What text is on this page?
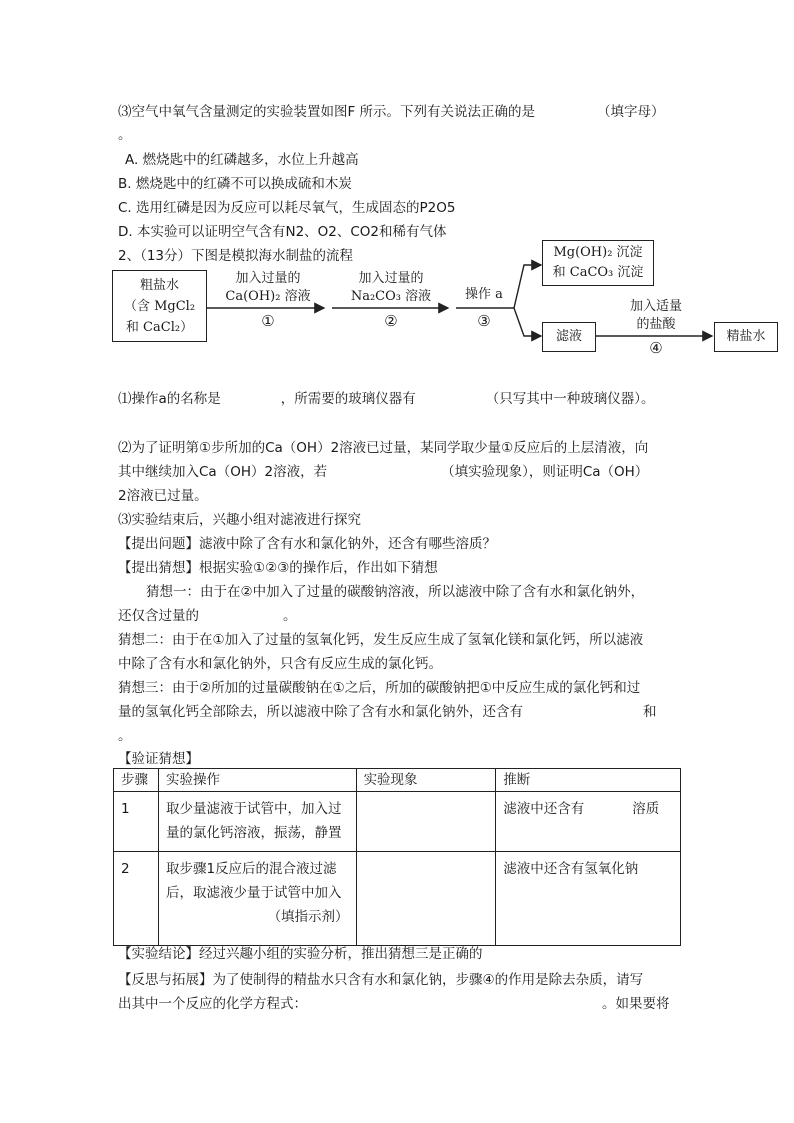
⑶空气中氧气含量测定的实验装置如图F 所示。下列有关说法正确的是	（填字母）
。
A. 燃烧匙中的红磷越多，水位上升越高
B. 燃烧匙中的红磷不可以换成硫和木炭
C. 选用红磷是因为反应可以耗尽氧气，生成固态的P2O5
D. 本实验可以证明空气含有N2、O2、CO2和稀有气体
2、（13分）下图是模拟海水制盐的流程
粗盐水
（含 MgCl₂
和 CaCl₂）
加入过量的
Ca(OH)₂ 溶液
①
加入过量的
Na₂CO₃ 溶液
②
操作 a
③
Mg(OH)₂ 沉淀
和 CaCO₃ 沉淀
滤液
加入适量
的盐酸
④
精盐水
⑴操作a的名称是	，所需要的玻璃仪器有	（只写其中一种玻璃仪器）。
⑵为了证明第①步所加的Ca（OH）2溶液已过量，某同学取少量①反应后的上层清液，向
其中继续加入Ca（OH）2溶液，若	（填实验现象），则证明Ca（OH）
2溶液已过量。
⑶实验结束后，兴趣小组对滤液进行探究
【提出问题】滤液中除了含有水和氯化钠外，还含有哪些溶质？
【提出猜想】根据实验①②③的操作后，作出如下猜想
猜想一：由于在②中加入了过量的碳酸钠溶液，所以滤液中除了含有水和氯化钠外，
还仅含过量的	。
猜想二：由于在①加入了过量的氢氧化钙，发生反应生成了氢氧化镁和氯化钙，所以滤液
中除了含有水和氯化钠外，只含有反应生成的氯化钙。
猜想三：由于②所加的过量碳酸钠在①之后，所加的碳酸钠把①中反应生成的氯化钙和过
量的氢氧化钙全部除去，所以滤液中除了含有水和氯化钠外，还含有	和
。
【验证猜想】
步骤	实验操作	实验现象	推断
1	取少量滤液于试管中，加入过量的氯化钙溶液，振荡，静置		滤液中还含有 溶质
2	取步骤1反应后的混合液过滤后，取滤液少量于试管中加入
（填指示剂）		滤液中还含有氢氧化钠
【实验结论】经过兴趣小组的实验分析，推出猜想三是正确的
【反思与拓展】为了使制得的精盐水只含有水和氯化钠，步骤④的作用是除去杂质，请写
出其中一个反应的化学方程式：	。如果要将
